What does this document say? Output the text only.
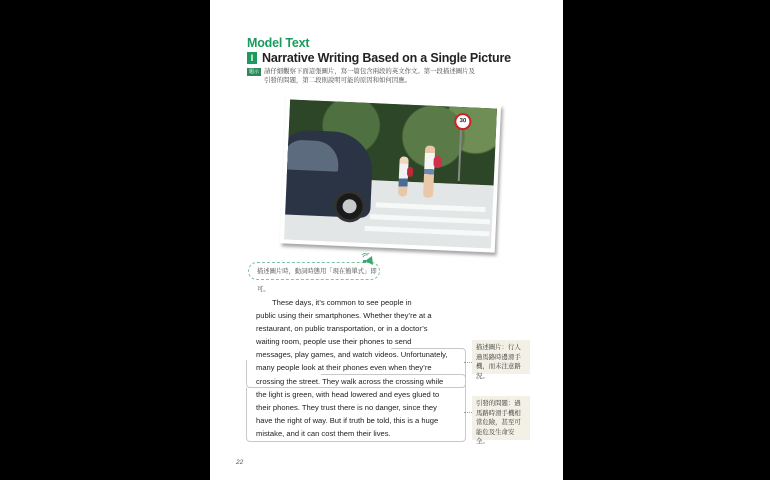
Model Text
I Narrative Writing Based on a Single Picture
題示 請仔細觀察下面這張圖片，寫一篇包含兩段的英文作文。第一段描述圖片及引發的問題，第二段則說明可能的原因和如何因應。
30
描述圖片時，動詞時態用「現在簡單式」即可。
These days, it’s common to see people in
public using their smartphones. Whether they’re at a
restaurant, on public transportation, or in a doctor’s
waiting room, people use their phones to send
messages, play games, and watch videos. Unfortunately,
many people look at their phones even when they’re
crossing the street. They walk across the crossing while
the light is green, with head lowered and eyes glued to
their phones. They trust there is no danger, since they
have the right of way. But if truth be told, this is a huge
mistake, and it can cost them their lives.
描述圖片：行人過馬路時邊滑手機，而未注意路況。
引發的問題：過馬路時滑手機相當危險，甚至可能危及生命安全。
22
